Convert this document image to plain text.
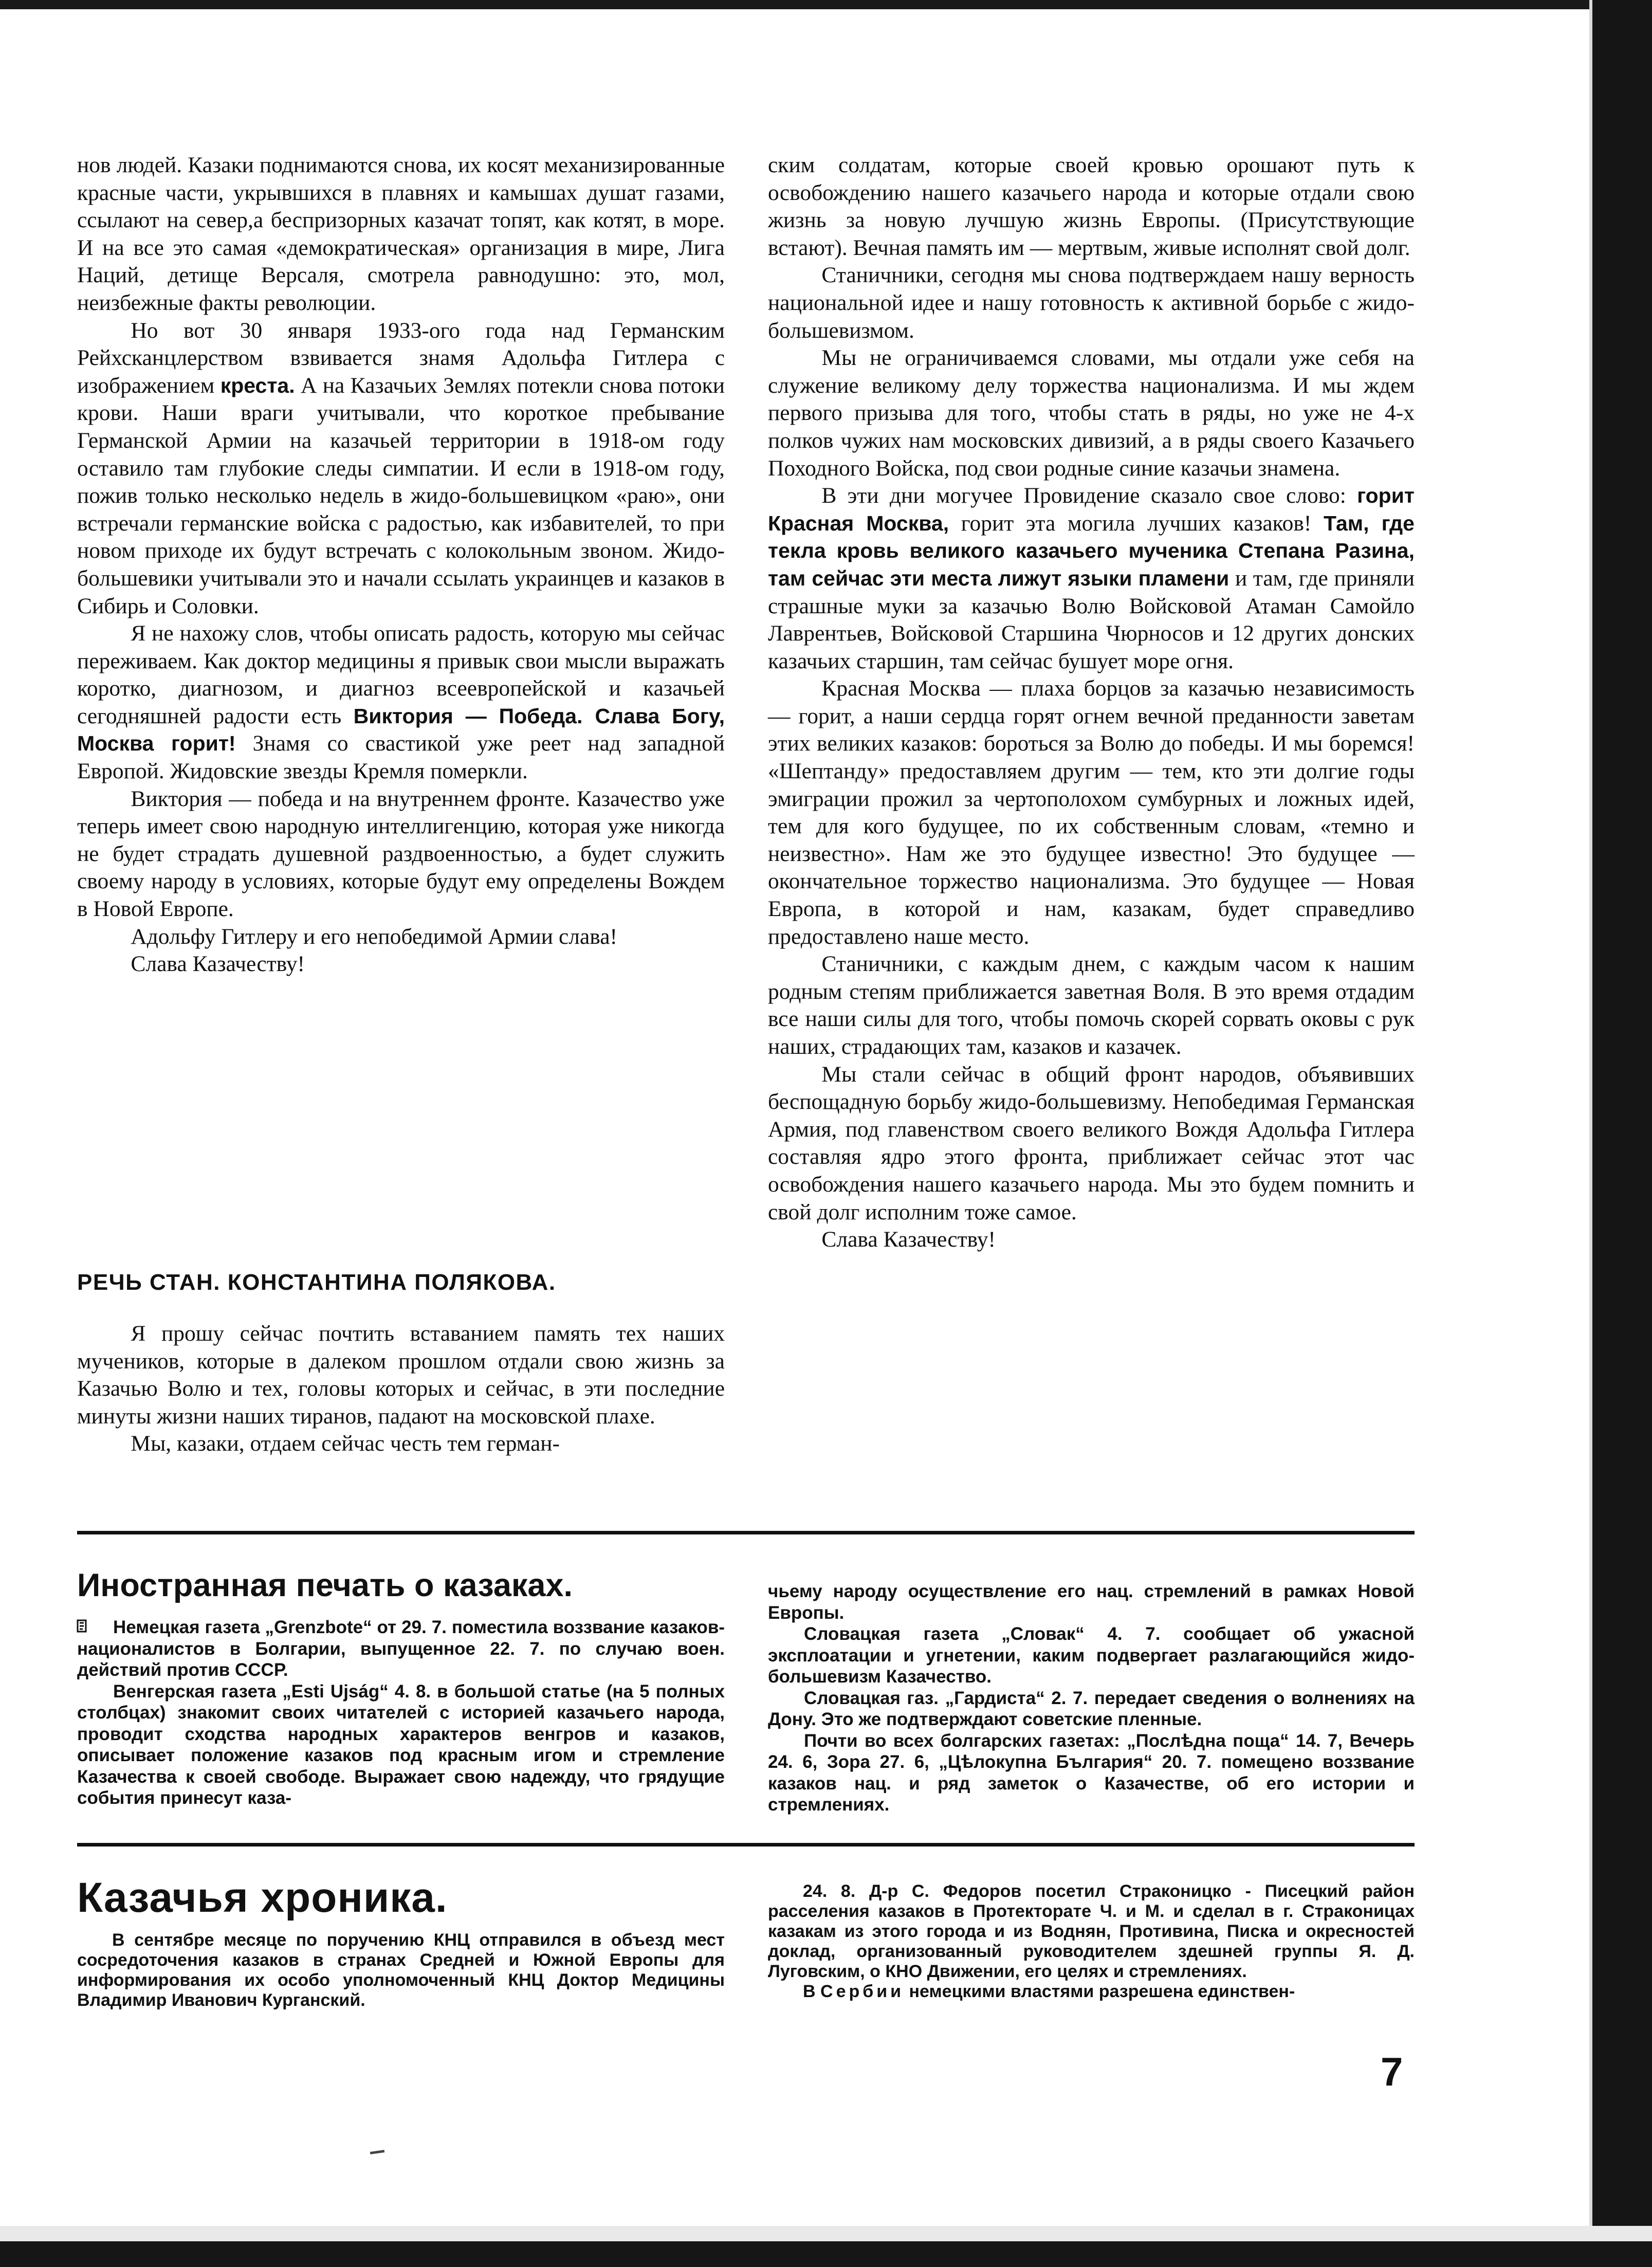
нов людей. Казаки поднимаются снова, их косят механизированные красные части, укрывшихся в плавнях и камышах душат газами, ссылают на север,а беспризорных казачат топят, как котят, в море. И на все это самая «демократическая» организация в мире, Лига Наций, детище Версаля, смотрела равнодушно: это, мол, неизбежные факты революции.

Но вот 30 января 1933-ого года над Германским Рейхсканцлерством взвивается знамя Адольфа Гитлера с изображением креста. А на Казачьих Землях потекли снова потоки крови. Наши враги учитывали, что короткое пребывание Германской Армии на казачьей территории в 1918-ом году оставило там глубокие следы симпатии. И если в 1918-ом году, пожив только несколько недель в жидо-большевицком «раю», они встречали германские войска с радостью, как избавителей, то при новом приходе их будут встречать с колокольным звоном. Жидо-большевики учитывали это и начали ссылать украинцев и казаков в Сибирь и Соловки.

Я не нахожу слов, чтобы описать радость, которую мы сейчас переживаем. Как доктор медицины я привык свои мысли выражать коротко, диагнозом, и диагноз всеевропейской и казачьей сегодняшней радости есть Виктория — Победа. Слава Богу, Москва горит! Знамя со свастикой уже реет над западной Европой. Жидовские звезды Кремля померкли.

Виктория — победа и на внутреннем фронте. Казачество уже теперь имеет свою народную интеллигенцию, которая уже никогда не будет страдать душевной раздвоенностью, а будет служить своему народу в условиях, которые будут ему определены Вождем в Новой Европе.

Адольфу Гитлеру и его непобедимой Армии слава!

Слава Казачеству!

РЕЧЬ СТАН. КОНСТАНТИНА ПОЛЯКОВА.

Я прошу сейчас почтить вставанием память тех наших мучеников, которые в далеком прошлом отдали свою жизнь за Казачью Волю и тех, головы которых и сейчас, в эти последние минуты жизни наших тиранов, падают на московской плахе.

Мы, казаки, отдаем сейчас честь тем герман-

ским солдатам, которые своей кровью орошают путь к освобождению нашего казачьего народа и которые отдали свою жизнь за новую лучшую жизнь Европы. (Присутствующие встают). Вечная память им — мертвым, живые исполнят свой долг.

Станичники, сегодня мы снова подтверждаем нашу верность национальной идее и нашу готовность к активной борьбе с жидо-большевизмом.

Мы не ограничиваемся словами, мы отдали уже себя на служение великому делу торжества национализма. И мы ждем первого призыва для того, чтобы стать в ряды, но уже не 4-х полков чужих нам московских дивизий, а в ряды своего Казачьего Походного Войска, под свои родные синие казачьи знамена.

В эти дни могучее Провидение сказало свое слово: горит Красная Москва, горит эта могила лучших казаков! Там, где текла кровь великого казачьего мученика Степана Разина, там сейчас эти места лижут языки пламени и там, где приняли страшные муки за казачью Волю Войсковой Атаман Самойло Лаврентьев, Войсковой Старшина Чюрносов и 12 других донских казачьих старшин, там сейчас бушует море огня.

Красная Москва — плаха борцов за казачью независимость — горит, а наши сердца горят огнем вечной преданности заветам этих великих казаков: бороться за Волю до победы. И мы боремся! «Шептанду» предоставляем другим — тем, кто эти долгие годы эмиграции прожил за чертополохом сумбурных и ложных идей, тем для кого будущее, по их собственным словам, «темно и неизвестно». Нам же это будущее известно! Это будущее — окончательное торжество национализма. Это будущее — Новая Европа, в которой и нам, казакам, будет справедливо предоставлено наше место.

Станичники, с каждым днем, с каждым часом к нашим родным степям приближается заветная Воля. В это время отдадим все наши силы для того, чтобы помочь скорей сорвать оковы с рук наших, страдающих там, казаков и казачек.

Мы стали сейчас в общий фронт народов, объявивших беспощадную борьбу жидо-большевизму. Непобедимая Германская Армия, под главенством своего великого Вождя Адольфа Гитлера составляя ядро этого фронта, приближает сейчас этот час освобождения нашего казачьего народа. Мы это будем помнить и свой долг исполним тоже самое.

Слава Казачеству!

Иностранная печать о казаках.

Немецкая газета „Grenzbote“ от 29. 7. поместила воззвание казаков-националистов в Болгарии, выпущенное 22. 7. по случаю воен. действий против СССР.

Венгерская газета „Esti Ujság“ 4. 8. в большой статье (на 5 полных столбцах) знакомит своих читателей с историей казачьего народа, проводит сходства народных характеров венгров и казаков, описывает положение казаков под красным игом и стремление Казачества к своей свободе. Выражает свою надежду, что грядущие события принесут каза-

чьему народу осуществление его нац. стремлений в рамках Новой Европы.

Словацкая газета „Словак“ 4. 7. сообщает об ужасной эксплоатации и угнетении, каким подвергает разлагающийся жидо-большевизм Казачество.

Словацкая газ. „Гардиста“ 2. 7. передает сведения о волнениях на Дону. Это же подтверждают советские пленные.

Почти во всех болгарских газетах: „Послѣдна поща“ 14. 7, Вечерь 24. 6, Зора 27. 6, „Цѣлокупна България“ 20. 7. помещено воззвание казаков нац. и ряд заметок о Казачестве, об его истории и стремлениях.

Казачья хроника.

В сентябре месяце по поручению КНЦ отправился в объезд мест сосредоточения казаков в странах Средней и Южной Европы для информирования их особо уполномоченный КНЦ Доктор Медицины Владимир Иванович Курганский.

24. 8. Д-р С. Федоров посетил Страконицко - Писецкий район расселения казаков в Протекторате Ч. и М. и сделал в г. Страконицах казакам из этого города и из Воднян, Противина, Писка и окресностей доклад, организованный руководителем здешней группы Я. Д. Луговским, о КНО Движении, его целях и стремлениях.

В Сербии немецкими властями разрешена единствен-

7
